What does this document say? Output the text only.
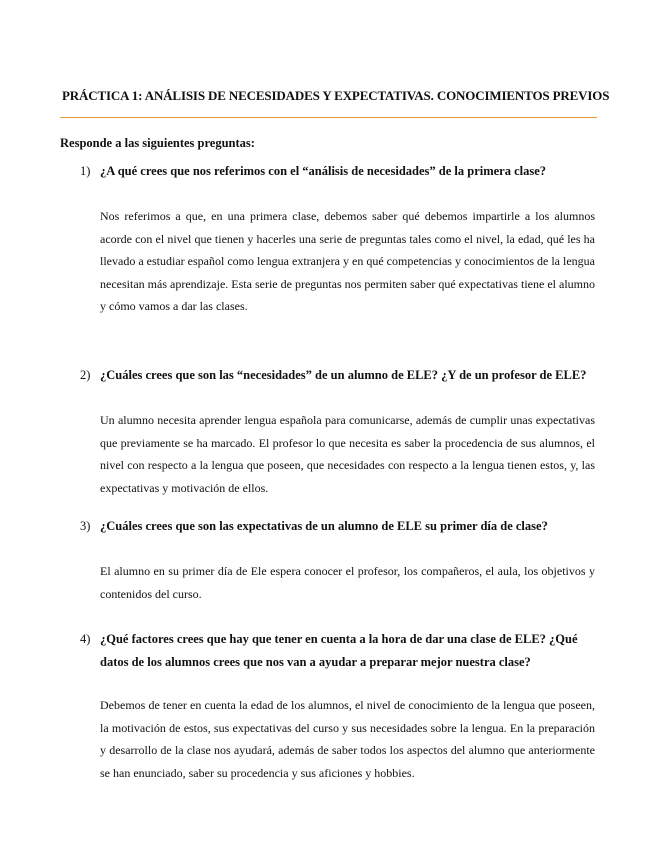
PRÁCTICA 1: ANÁLISIS DE NECESIDADES Y EXPECTATIVAS. CONOCIMIENTOS PREVIOS
Responde a las siguientes preguntas:
1) ¿A qué crees que nos referimos con el “análisis de necesidades” de la primera clase?
Nos referimos a que, en una primera clase, debemos saber qué debemos impartirle a los alumnos acorde con el nivel que tienen y hacerles una serie de preguntas tales como el nivel, la edad, qué les ha llevado a estudiar español como lengua extranjera y en qué competencias y conocimientos de la lengua necesitan más aprendizaje. Esta serie de preguntas nos permiten saber qué expectativas tiene el alumno y cómo vamos a dar las clases.
2) ¿Cuáles crees que son las “necesidades” de un alumno de ELE? ¿Y de un profesor de ELE?
Un alumno necesita aprender lengua española para comunicarse, además de cumplir unas expectativas que previamente se ha marcado. El profesor lo que necesita es saber la procedencia de sus alumnos, el nivel con respecto a la lengua que poseen, que necesidades con respecto a la lengua tienen estos, y, las expectativas y motivación de ellos.
3) ¿Cuáles crees que son las expectativas de un alumno de ELE su primer día de clase?
El alumno en su primer día de Ele espera conocer el profesor, los compañeros, el aula, los objetivos y contenidos del curso.
4) ¿Qué factores crees que hay que tener en cuenta a la hora de dar una clase de ELE? ¿Qué datos de los alumnos crees que nos van a ayudar a preparar mejor nuestra clase?
Debemos de tener en cuenta la edad de los alumnos, el nivel de conocimiento de la lengua que poseen, la motivación de estos, sus expectativas del curso y sus necesidades sobre la lengua. En la preparación y desarrollo de la clase nos ayudará, además de saber todos los aspectos del alumno que anteriormente se han enunciado, saber su procedencia y sus aficiones y hobbies.
